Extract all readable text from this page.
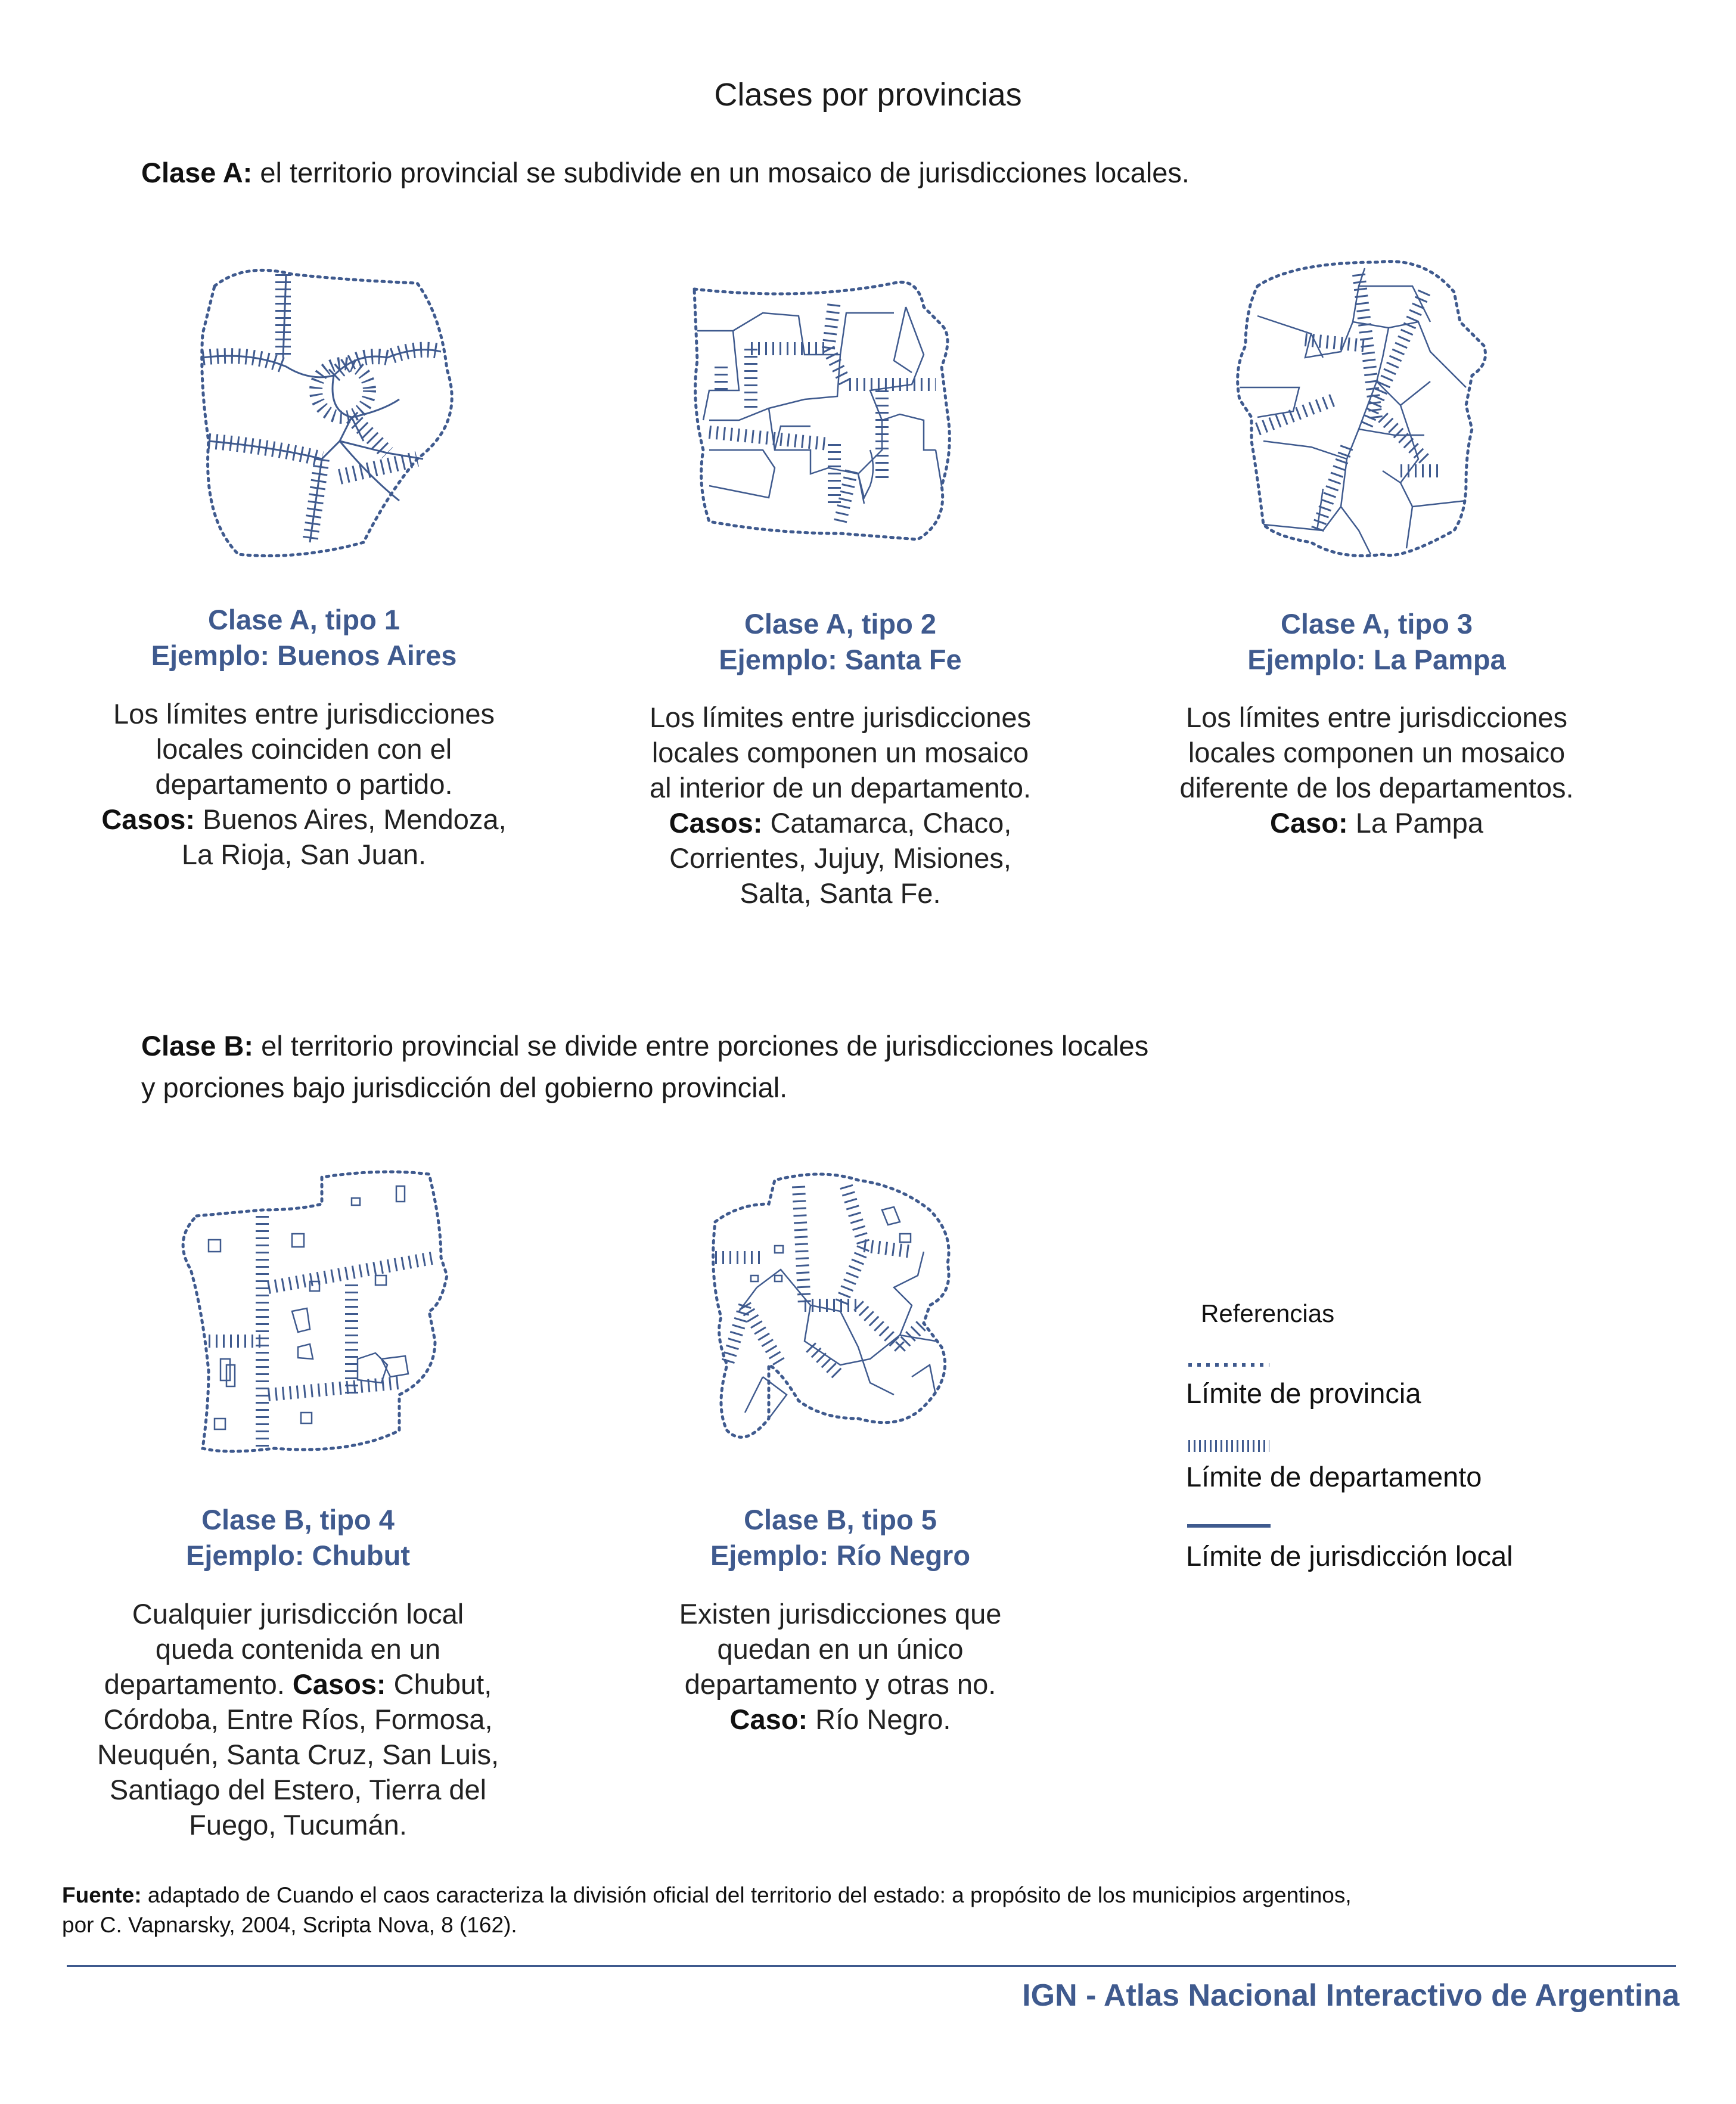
Clases por provincias
Clase A: el territorio provincial se subdivide en un mosaico de jurisdicciones locales.
Clase A, tipo 1
Ejemplo: Buenos Aires
Los límites entre jurisdicciones
locales coinciden con el
departamento o partido.
Casos: Buenos Aires, Mendoza,
La Rioja, San Juan.
Clase A, tipo 2
Ejemplo: Santa Fe
Los límites entre jurisdicciones
locales componen un mosaico
al interior de un departamento.
Casos: Catamarca, Chaco,
Corrientes, Jujuy, Misiones,
Salta, Santa Fe.
Clase A, tipo 3
Ejemplo: La Pampa
Los límites entre jurisdicciones
locales componen un mosaico
diferente de los departamentos.
Caso: La Pampa
Clase B: el territorio provincial se divide entre porciones de jurisdicciones locales
y porciones bajo jurisdicción del gobierno provincial.
Clase B, tipo 4
Ejemplo: Chubut
Cualquier jurisdicción local
queda contenida en un
departamento. Casos: Chubut,
Córdoba, Entre Ríos, Formosa,
Neuquén, Santa Cruz, San Luis,
Santiago del Estero, Tierra del
Fuego, Tucumán.
Clase B, tipo 5
Ejemplo: Río Negro
Existen jurisdicciones que
quedan en un único
departamento y otras no.
Caso: Río Negro.
Referencias
Límite de provincia
Límite de departamento
Límite de jurisdicción local
Fuente: adaptado de Cuando el caos caracteriza la división oficial del territorio del estado: a propósito de los municipios argentinos,
por C. Vapnarsky, 2004, Scripta Nova, 8 (162).
IGN - Atlas Nacional Interactivo de Argentina
